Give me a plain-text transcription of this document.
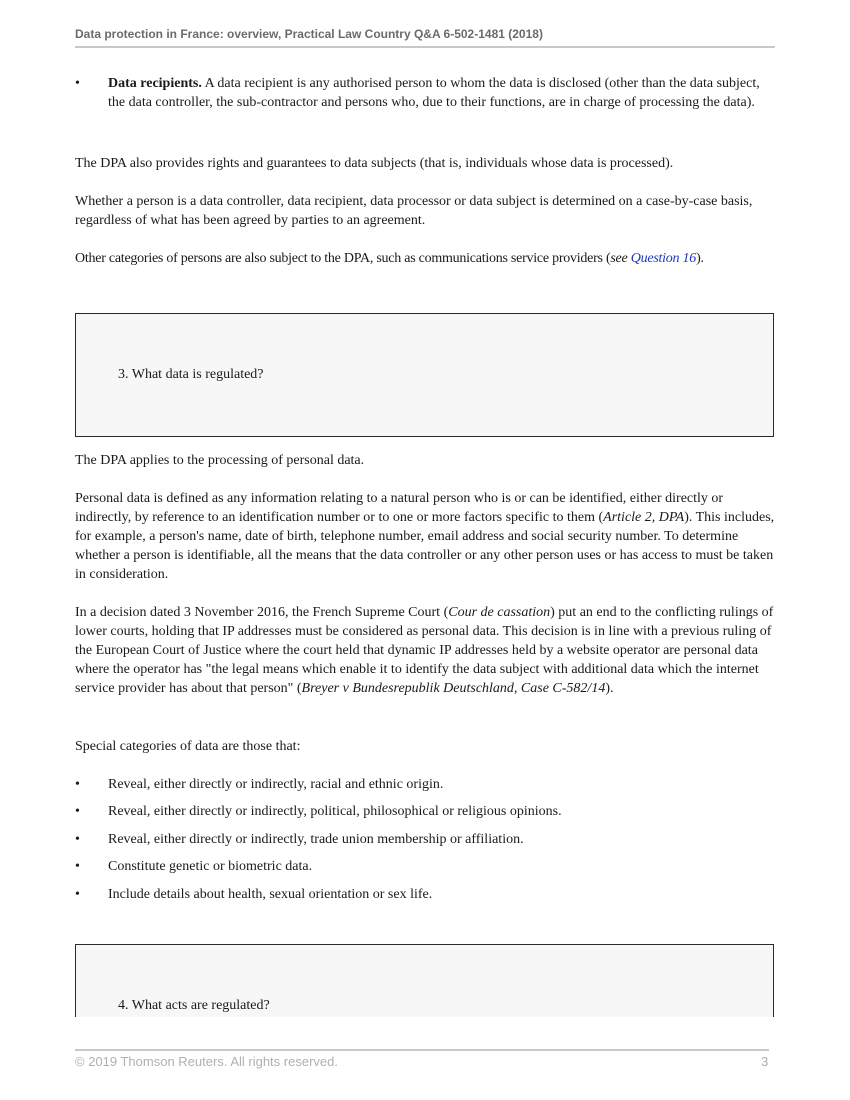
Data protection in France: overview, Practical Law Country Q&A 6-502-1481 (2018)
• Data recipients. A data recipient is any authorised person to whom the data is disclosed (other than the data subject, the data controller, the sub-contractor and persons who, due to their functions, are in charge of processing the data).

The DPA also provides rights and guarantees to data subjects (that is, individuals whose data is processed).

Whether a person is a data controller, data recipient, data processor or data subject is determined on a case-by-case basis, regardless of what has been agreed by parties to an agreement.

Other categories of persons are also subject to the DPA, such as communications service providers (see Question 16).

3. What data is regulated?

The DPA applies to the processing of personal data.

Personal data is defined as any information relating to a natural person who is or can be identified, either directly or indirectly, by reference to an identification number or to one or more factors specific to them (Article 2, DPA). This includes, for example, a person's name, date of birth, telephone number, email address and social security number. To determine whether a person is identifiable, all the means that the data controller or any other person uses or has access to must be taken in consideration.

In a decision dated 3 November 2016, the French Supreme Court (Cour de cassation) put an end to the conflicting rulings of lower courts, holding that IP addresses must be considered as personal data. This decision is in line with a previous ruling of the European Court of Justice where the court held that dynamic IP addresses held by a website operator are personal data where the operator has "the legal means which enable it to identify the data subject with additional data which the internet service provider has about that person" (Breyer v Bundesrepublik Deutschland, Case C-582/14).

Special categories of data are those that:

• Reveal, either directly or indirectly, racial and ethnic origin.

• Reveal, either directly or indirectly, political, philosophical or religious opinions.

• Reveal, either directly or indirectly, trade union membership or affiliation.

• Constitute genetic or biometric data.

• Include details about health, sexual orientation or sex life.

4. What acts are regulated?
© 2019 Thomson Reuters. All rights reserved.	3
